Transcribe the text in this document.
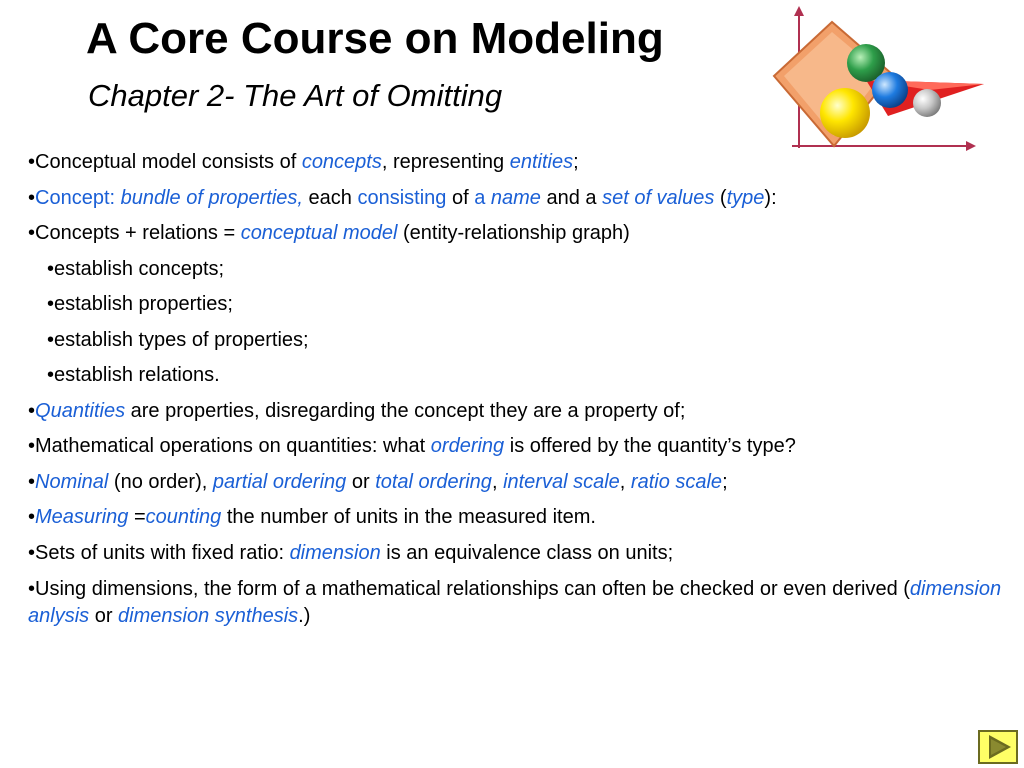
A Core Course on Modeling
Chapter 2- The Art of Omitting
•Conceptual model consists of concepts, representing entities;
•Concept: bundle of properties, each consisting of a name and a set of values (type):
•Concepts + relations = conceptual model (entity-relationship graph)
•establish concepts;
•establish properties;
•establish types of properties;
•establish relations.
•Quantities are properties, disregarding the concept they are a property of;
•Mathematical operations on quantities: what ordering is offered by the quantity’s type?
•Nominal (no order), partial ordering or total ordering, interval scale, ratio scale;
•Measuring =counting the number of units in the measured item.
•Sets of units with fixed ratio: dimension is an equivalence class on units;
•Using dimensions, the form of a mathematical relationships can often be checked or even derived (dimension anlysis or dimension synthesis.)
